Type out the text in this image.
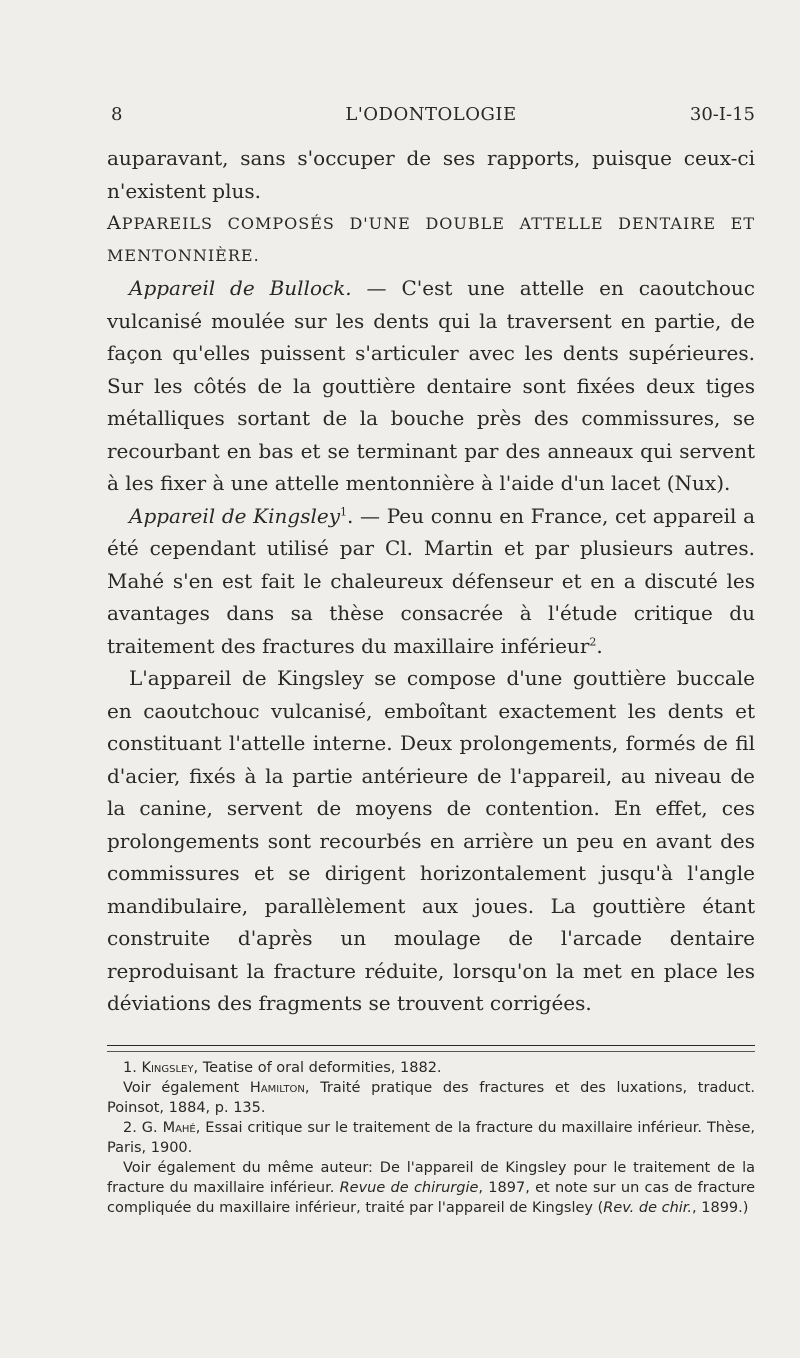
8	L'ODONTOLOGIE	30-I-15

auparavant, sans s'occuper de ses rapports, puisque ceux-ci n'existent plus.

APPAREILS COMPOSÉS D'UNE DOUBLE ATTELLE DENTAIRE ET MENTONNIÈRE.

Appareil de Bullock. — C'est une attelle en caoutchouc vulcanisé moulée sur les dents qui la traversent en partie, de façon qu'elles puissent s'articuler avec les dents supérieures. Sur les côtés de la gouttière dentaire sont fixées deux tiges métalliques sortant de la bouche près des commissures, se recourbant en bas et se terminant par des anneaux qui servent à les fixer à une attelle mentonnière à l'aide d'un lacet (Nux).

Appareil de Kingsley$^1$. — Peu connu en France, cet appareil a été cependant utilisé par Cl. Martin et par plusieurs autres. Mahé s'en est fait le chaleureux défenseur et en a discuté les avantages dans sa thèse consacrée à l'étude critique du traitement des fractures du maxillaire inférieur$^2$.

L'appareil de Kingsley se compose d'une gouttière buccale en caoutchouc vulcanisé, emboîtant exactement les dents et constituant l'attelle interne. Deux prolongements, formés de fil d'acier, fixés à la partie antérieure de l'appareil, au niveau de la canine, servent de moyens de contention. En effet, ces prolongements sont recourbés en arrière un peu en avant des commissures et se dirigent horizontalement jusqu'à l'angle mandibulaire, parallèlement aux joues. La gouttière étant construite d'après un moulage de l'arcade dentaire reproduisant la fracture réduite, lorsqu'on la met en place les déviations des fragments se trouvent corrigées.

1. Kingsley, Teatise of oral deformities, 1882.

Voir également Hamilton, Traité pratique des fractures et des luxations, traduct. Poinsot, 1884, p. 135.

2. G. Mahé, Essai critique sur le traitement de la fracture du maxillaire inférieur. Thèse, Paris, 1900.

Voir également du même auteur: De l'appareil de Kingsley pour le traitement de la fracture du maxillaire inférieur. Revue de chirurgie, 1897, et note sur un cas de fracture compliquée du maxillaire inférieur, traité par l'appareil de Kingsley (Rev. de chir., 1899.)
